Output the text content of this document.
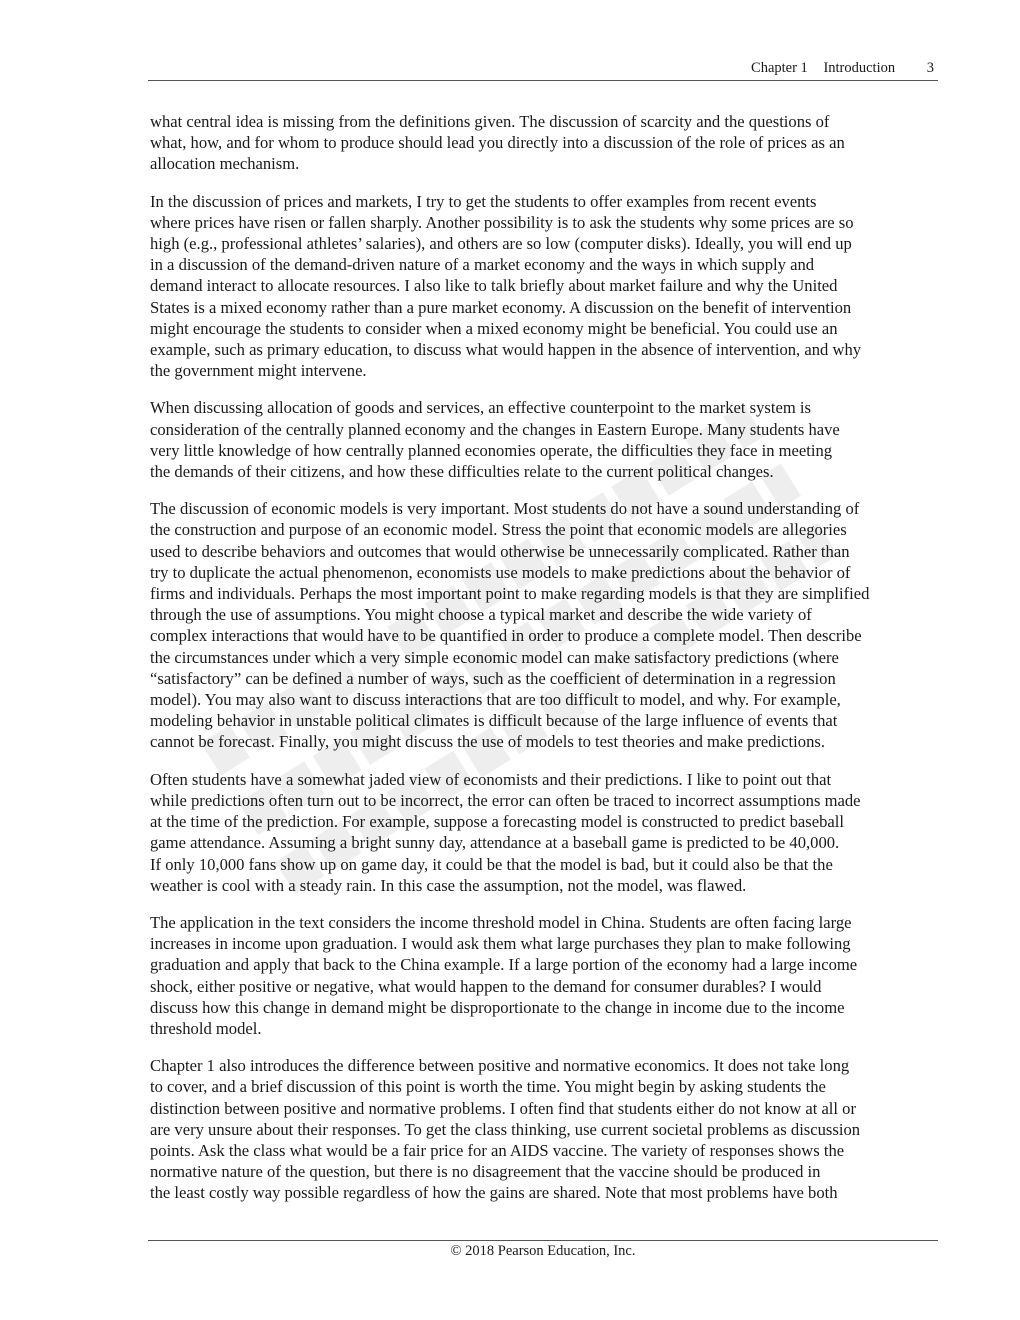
Chapter 1 Introduction 3

what central idea is missing from the definitions given. The discussion of scarcity and the questions of
what, how, and for whom to produce should lead you directly into a discussion of the role of prices as an
allocation mechanism.

In the discussion of prices and markets, I try to get the students to offer examples from recent events
where prices have risen or fallen sharply. Another possibility is to ask the students why some prices are so
high (e.g., professional athletes’ salaries), and others are so low (computer disks). Ideally, you will end up
in a discussion of the demand-driven nature of a market economy and the ways in which supply and
demand interact to allocate resources. I also like to talk briefly about market failure and why the United
States is a mixed economy rather than a pure market economy. A discussion on the benefit of intervention
might encourage the students to consider when a mixed economy might be beneficial. You could use an
example, such as primary education, to discuss what would happen in the absence of intervention, and why
the government might intervene.

When discussing allocation of goods and services, an effective counterpoint to the market system is
consideration of the centrally planned economy and the changes in Eastern Europe. Many students have
very little knowledge of how centrally planned economies operate, the difficulties they face in meeting
the demands of their citizens, and how these difficulties relate to the current political changes.

The discussion of economic models is very important. Most students do not have a sound understanding of
the construction and purpose of an economic model. Stress the point that economic models are allegories
used to describe behaviors and outcomes that would otherwise be unnecessarily complicated. Rather than
try to duplicate the actual phenomenon, economists use models to make predictions about the behavior of
firms and individuals. Perhaps the most important point to make regarding models is that they are simplified
through the use of assumptions. You might choose a typical market and describe the wide variety of
complex interactions that would have to be quantified in order to produce a complete model. Then describe
the circumstances under which a very simple economic model can make satisfactory predictions (where
“satisfactory” can be defined a number of ways, such as the coefficient of determination in a regression
model). You may also want to discuss interactions that are too difficult to model, and why. For example,
modeling behavior in unstable political climates is difficult because of the large influence of events that
cannot be forecast. Finally, you might discuss the use of models to test theories and make predictions.

Often students have a somewhat jaded view of economists and their predictions. I like to point out that
while predictions often turn out to be incorrect, the error can often be traced to incorrect assumptions made
at the time of the prediction. For example, suppose a forecasting model is constructed to predict baseball
game attendance. Assuming a bright sunny day, attendance at a baseball game is predicted to be 40,000.
If only 10,000 fans show up on game day, it could be that the model is bad, but it could also be that the
weather is cool with a steady rain. In this case the assumption, not the model, was flawed.

The application in the text considers the income threshold model in China. Students are often facing large
increases in income upon graduation. I would ask them what large purchases they plan to make following
graduation and apply that back to the China example. If a large portion of the economy had a large income
shock, either positive or negative, what would happen to the demand for consumer durables? I would
discuss how this change in demand might be disproportionate to the change in income due to the income
threshold model.

Chapter 1 also introduces the difference between positive and normative economics. It does not take long
to cover, and a brief discussion of this point is worth the time. You might begin by asking students the
distinction between positive and normative problems. I often find that students either do not know at all or
are very unsure about their responses. To get the class thinking, use current societal problems as discussion
points. Ask the class what would be a fair price for an AIDS vaccine. The variety of responses shows the
normative nature of the question, but there is no disagreement that the vaccine should be produced in
the least costly way possible regardless of how the gains are shared. Note that most problems have both

© 2018 Pearson Education, Inc.
